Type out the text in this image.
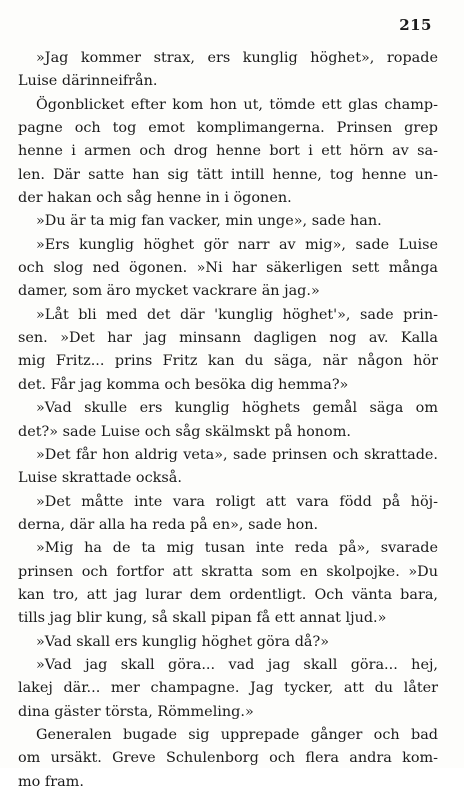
215
»Jag kommer strax, ers kunglig höghet», ropade
Luise därinneifrån.
Ögonblicket efter kom hon ut, tömde ett glas champ-
pagne och tog emot komplimangerna. Prinsen grep
henne i armen och drog henne bort i ett hörn av sa-
len. Där satte han sig tätt intill henne, tog henne un-
der hakan och såg henne in i ögonen.
»Du är ta mig fan vacker, min unge», sade han.
»Ers kunglig höghet gör narr av mig», sade Luise
och slog ned ögonen. »Ni har säkerligen sett många
damer, som äro mycket vackrare än jag.»
»Låt bli med det där 'kunglig höghet'», sade prin-
sen. »Det har jag minsann dagligen nog av. Kalla
mig Fritz... prins Fritz kan du säga, när någon hör
det. Får jag komma och besöka dig hemma?»
»Vad skulle ers kunglig höghets gemål säga om
det?» sade Luise och såg skälmskt på honom.
»Det får hon aldrig veta», sade prinsen och skrattade.
Luise skrattade också.
»Det måtte inte vara roligt att vara född på höj-
derna, där alla ha reda på en», sade hon.
»Mig ha de ta mig tusan inte reda på», svarade
prinsen och fortfor att skratta som en skolpojke. »Du
kan tro, att jag lurar dem ordentligt. Och vänta bara,
tills jag blir kung, så skall pipan få ett annat ljud.»
»Vad skall ers kunglig höghet göra då?»
»Vad jag skall göra... vad jag skall göra... hej,
lakej där... mer champagne. Jag tycker, att du låter
dina gäster törsta, Römmeling.»
Generalen bugade sig upprepade gånger och bad
om ursäkt. Greve Schulenborg och flera andra kom-
mo fram.
